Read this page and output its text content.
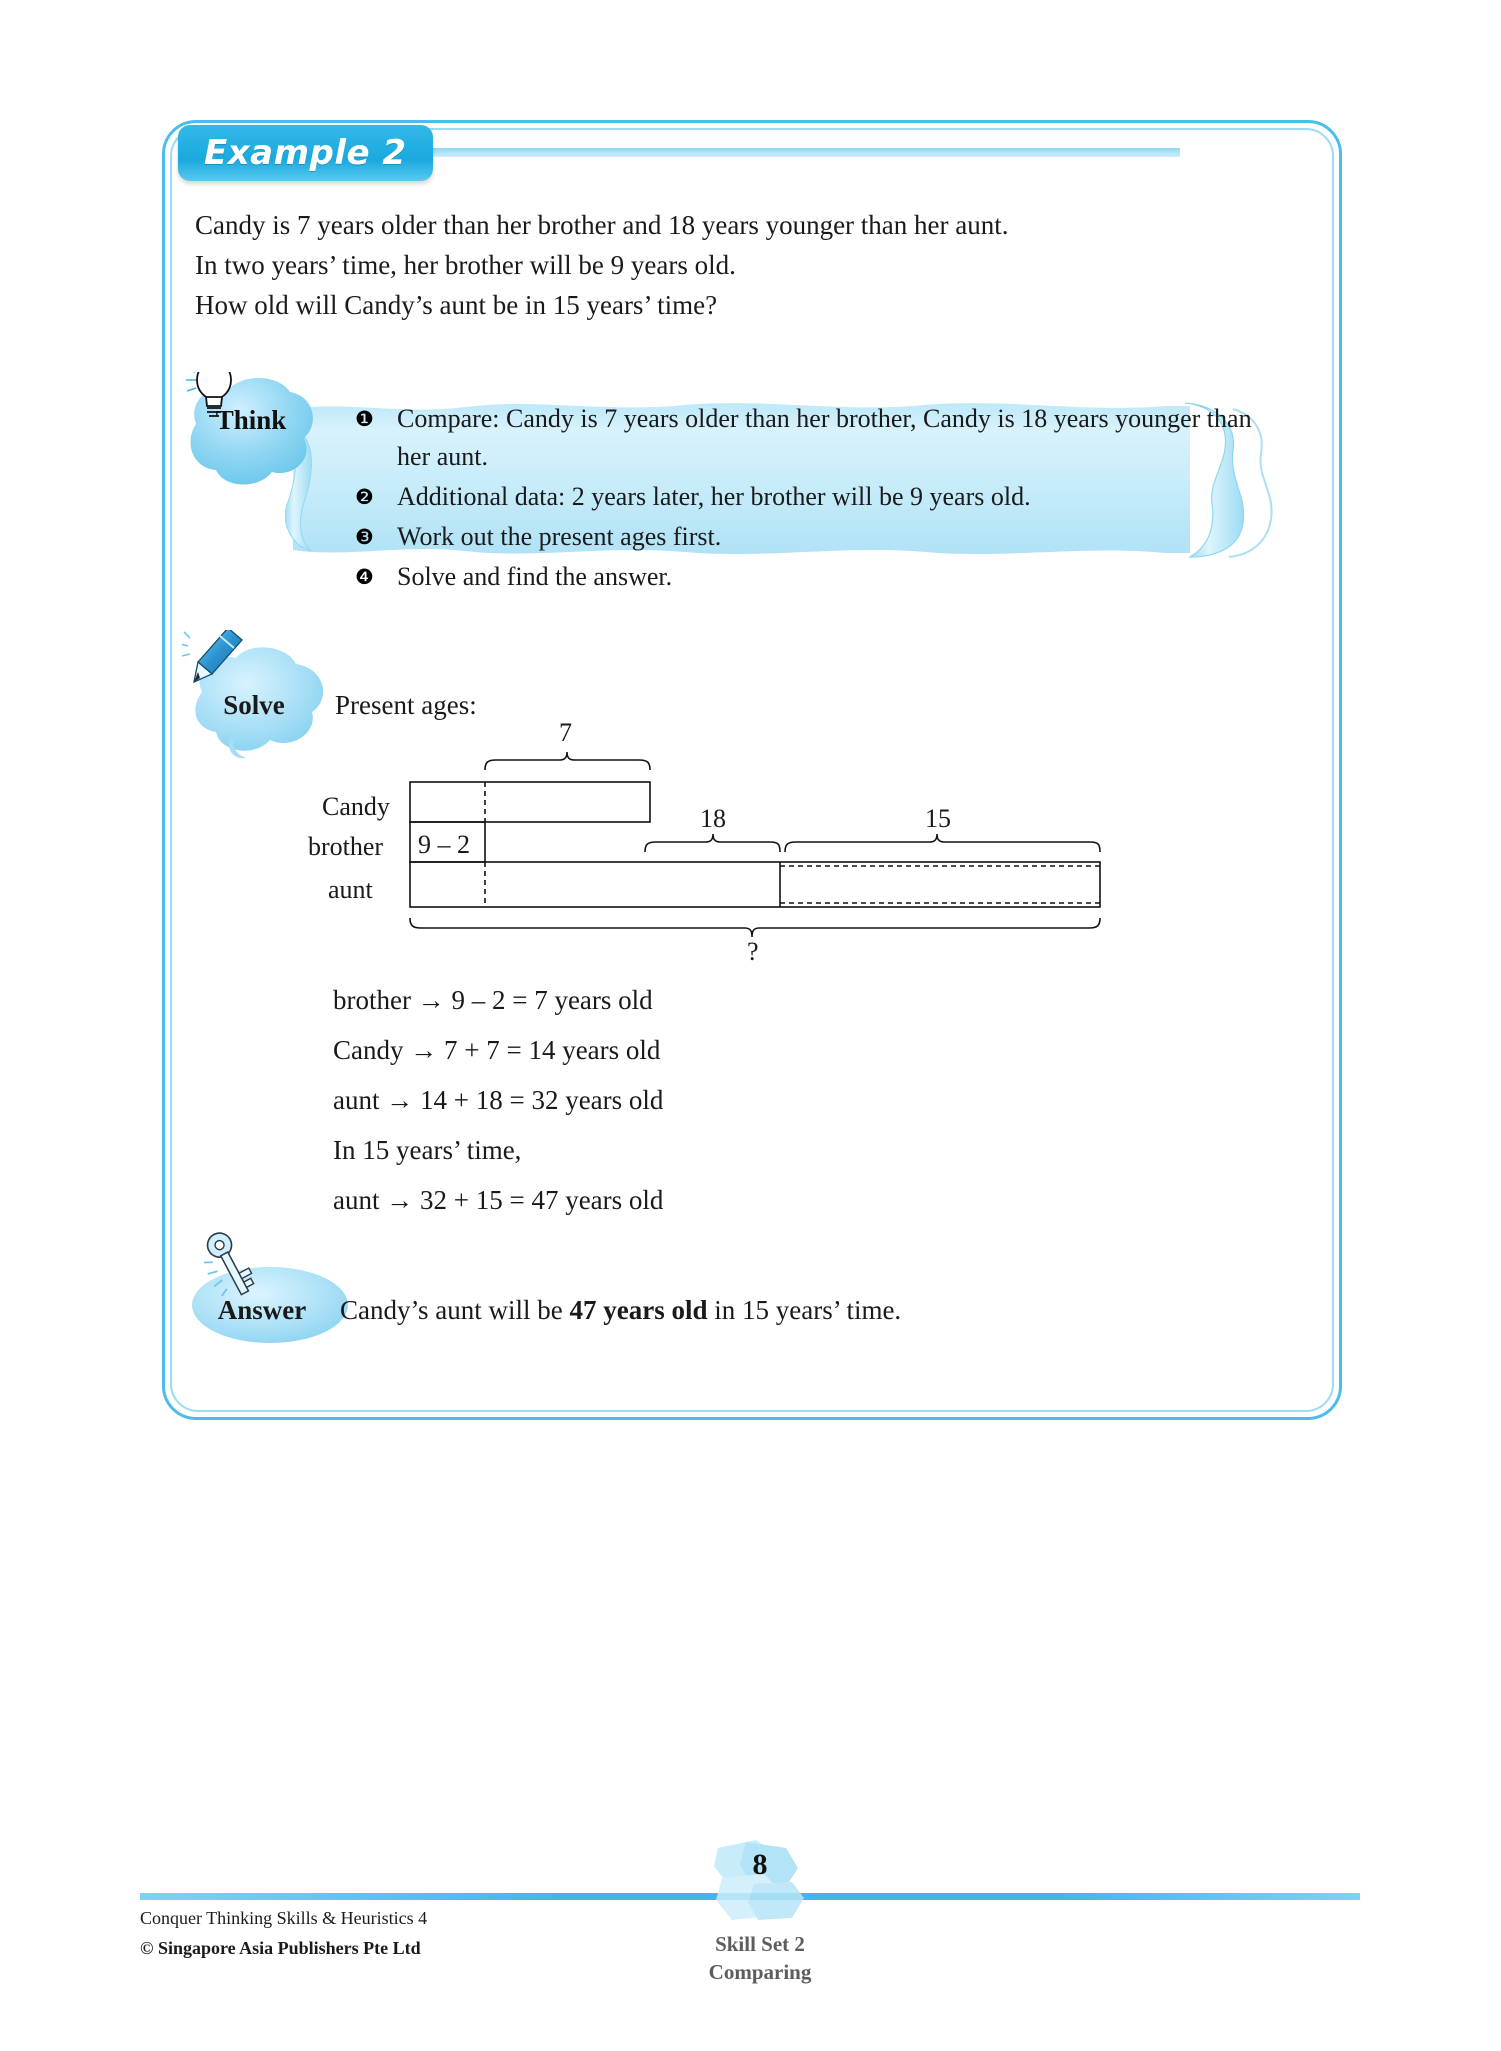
Example 2
Candy is 7 years older than her brother and 18 years younger than her aunt.
In two years’ time, her brother will be 9 years old.
How old will Candy’s aunt be in 15 years’ time?
Think	❶ Compare: Candy is 7 years older than her brother, Candy is 18 years younger than her aunt.
❷ Additional data: 2 years later, her brother will be 9 years old.
❸ Work out the present ages first.
❹ Solve and find the answer.
Solve	Present ages:
Candy
brother
aunt
9 – 2
7
18	15
?
brother → 9 – 2 = 7 years old
Candy → 7 + 7 = 14 years old
aunt → 14 + 18 = 32 years old
In 15 years’ time,
aunt → 32 + 15 = 47 years old
Answer	Candy’s aunt will be 47 years old in 15 years’ time.
Conquer Thinking Skills & Heuristics 4
© Singapore Asia Publishers Pte Ltd
8
Skill Set 2
Comparing
